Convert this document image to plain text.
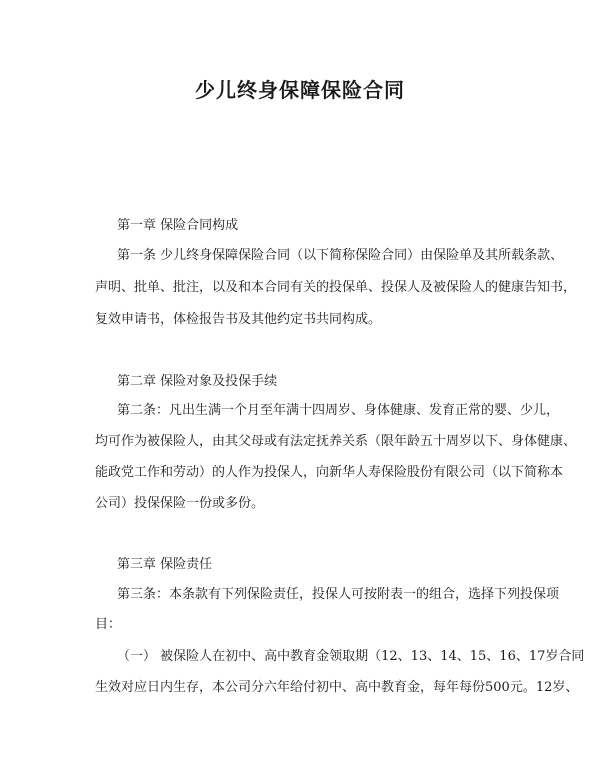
少儿终身保障保险合同
第一章 保险合同构成
第一条 少儿终身保障保险合同（以下简称保险合同）由保险单及其所载条款、
声明、批单、批注，以及和本合同有关的投保单、投保人及被保险人的健康告知书，
复效申请书，体检报告书及其他约定书共同构成。
第二章 保险对象及投保手续
第二条：凡出生满一个月至年满十四周岁、身体健康、发育正常的婴、少儿，
均可作为被保险人，由其父母或有法定抚养关系（限年龄五十周岁以下、身体健康、
能政党工作和劳动）的人作为投保人，向新华人寿保险股份有限公司（以下简称本
公司）投保保险一份或多份。
第三章 保险责任
第三条：本条款有下列保险责任，投保人可按附表一的组合，选择下列投保项
目：
（一） 被保险人在初中、高中教育金领取期（12、13、14、15、16、17岁合同
生效对应日内生存，本公司分六年给付初中、高中教育金，每年每份500元。12岁、
